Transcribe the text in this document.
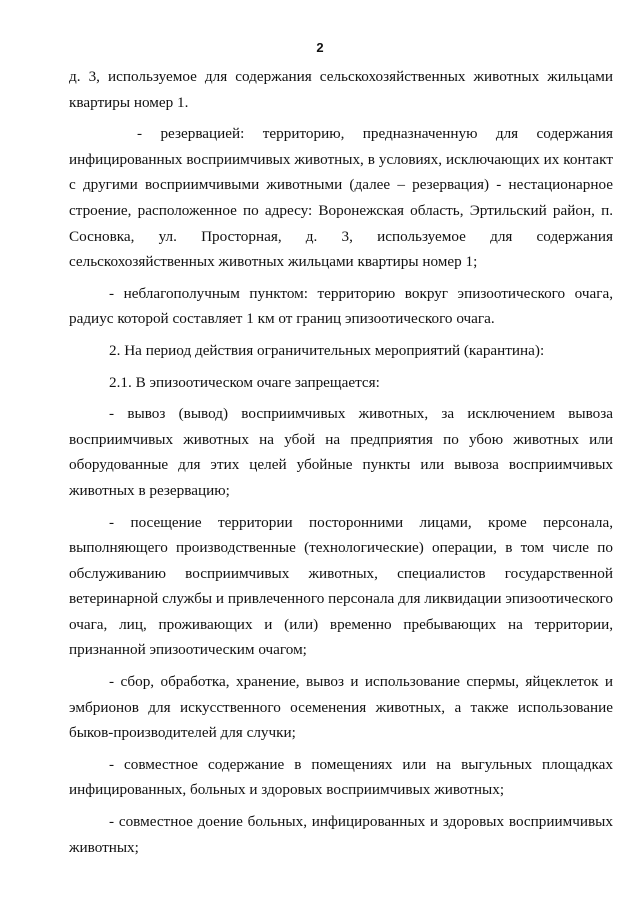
2

д. 3, используемое для содержания сельскохозяйственных животных жильцами квартиры номер 1.

- резервацией: территорию, предназначенную для содержания инфицированных восприимчивых животных, в условиях, исключающих их контакт с другими восприимчивыми животными (далее – резервация) - нестационарное строение, расположенное по адресу: Воронежская область, Эртильский район, п. Сосновка, ул. Просторная, д. 3, используемое для содержания сельскохозяйственных животных жильцами квартиры номер 1;

- неблагополучным пунктом: территорию вокруг эпизоотического очага, радиус которой составляет 1 км от границ эпизоотического очага.

2. На период действия ограничительных мероприятий (карантина):

2.1. В эпизоотическом очаге запрещается:

- вывоз (вывод) восприимчивых животных, за исключением вывоза восприимчивых животных на убой на предприятия по убою животных или оборудованные для этих целей убойные пункты или вывоза восприимчивых животных в резервацию;

- посещение территории посторонними лицами, кроме персонала, выполняющего производственные (технологические) операции, в том числе по обслуживанию восприимчивых животных, специалистов государственной ветеринарной службы и привлеченного персонала для ликвидации эпизоотического очага, лиц, проживающих и (или) временно пребывающих на территории, признанной эпизоотическим очагом;

- сбор, обработка, хранение, вывоз и использование спермы, яйцеклеток и эмбрионов для искусственного осеменения животных, а также использование быков-производителей для случки;

- совместное содержание в помещениях или на выгульных площадках инфицированных, больных и здоровых восприимчивых животных;

- совместное доение больных, инфицированных и здоровых восприимчивых животных;
